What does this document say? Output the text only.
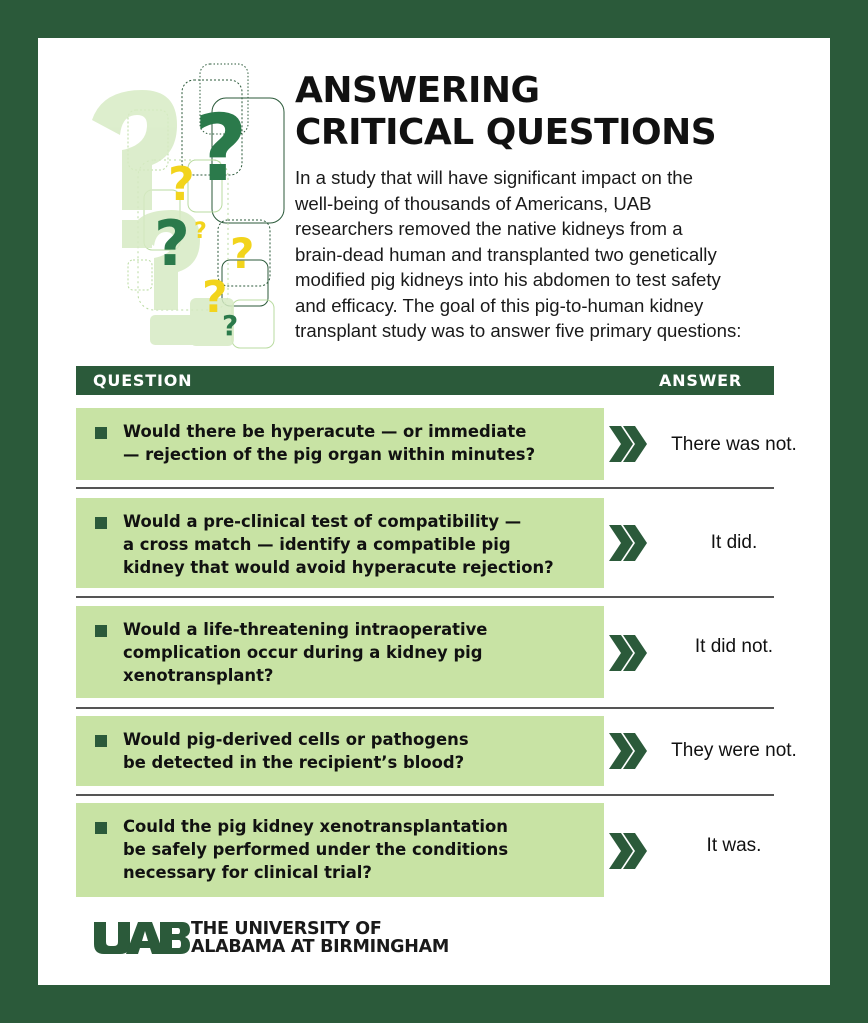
?
?
?
?
?
?
?
ANSWERING
CRITICAL QUESTIONS
In a study that will have significant impact on the
well-being of thousands of Americans, UAB
researchers removed the native kidneys from a
brain-dead human and transplanted two genetically
modified pig kidneys into his abdomen to test safety
and efficacy. The goal of this pig-to-human kidney
transplant study was to answer five primary questions:
QUESTION	ANSWER
Would there be hyperacute — or immediate
— rejection of the pig organ within minutes?	There was not.
Would a pre-clinical test of compatibility —
a cross match — identify a compatible pig
kidney that would avoid hyperacute rejection?
It did.
Would a life-threatening intraoperative
complication occur during a kidney pig
xenotransplant?
It did not.
Would pig-derived cells or pathogens
be detected in the recipient’s blood?
They were not.
Could the pig kidney xenotransplantation
be safely performed under the conditions
necessary for clinical trial?
It was.
UAB
THE UNIVERSITY OF
ALABAMA AT BIRMINGHAM
